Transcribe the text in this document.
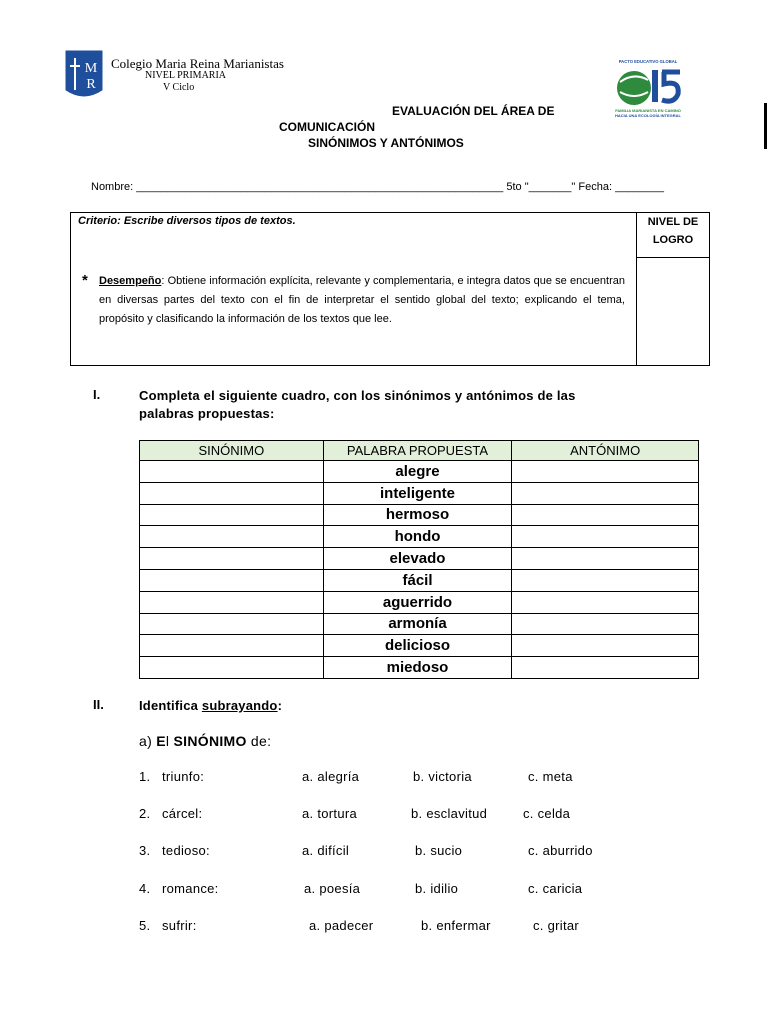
M
R
Colegio Maria Reina Marianistas
NIVEL PRIMARIA
V Ciclo
PACTO EDUCATIVO GLOBAL
FAMILIA MARIANISTA EN CAMINO
HACIA UNA ECOLOGÍA INTEGRAL
EVALUACIÓN DEL ÁREA DE
COMUNICACIÓN
SINÓNIMOS Y ANTÓNIMOS
Nombre: ____________________________________________________________ 5to "_______" Fecha: ________
Criterio: Escribe diversos tipos de textos.	NIVEL DE LOGRO
* Desempeño: Obtiene información explícita, relevante y complementaria, e integra datos que se encuentran en diversas partes del texto con el fin de interpretar el sentido global del texto; explicando el tema, propósito y clasificando la información de los textos que lee.
I.	Completa el siguiente cuadro, con los sinónimos y antónimos de las
palabras propuestas:
SINÓNIMO	PALABRA PROPUESTA	ANTÓNIMO
	alegre	
	inteligente	
	hermoso	
	hondo	
	elevado	
	fácil	
	aguerrido	
	armonía	
	delicioso	
	miedoso	
II.	Identifica subrayando:
a) El SINÓNIMO de:
1. triunfo:	a. alegría	b. victoria	c. meta
2. cárcel:	a. tortura	b. esclavitud	c. celda
3. tedioso:	a. difícil	b. sucio	c. aburrido
4. romance:	a. poesía	b. idilio	c. caricia
5. sufrir:	a. padecer	b. enfermar	c. gritar
